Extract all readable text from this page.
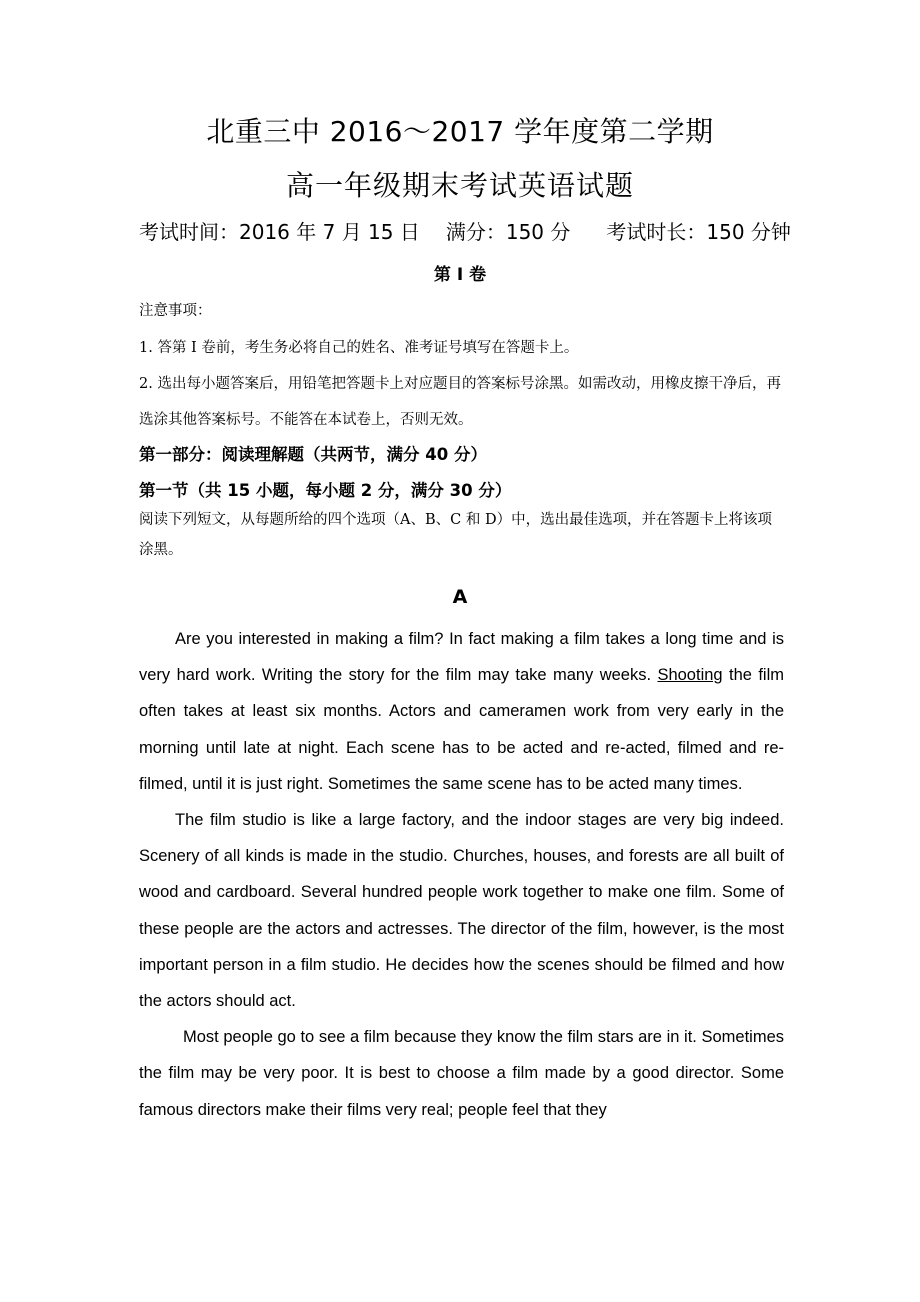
北重三中 2016～2017 学年度第二学期
高一年级期末考试英语试题
考试时间：2016 年 7 月 15 日 满分：150 分 考试时长：150 分钟
第 I 卷
注意事项：
1. 答第 I 卷前，考生务必将自己的姓名、准考证号填写在答题卡上。
2. 选出每小题答案后，用铅笔把答题卡上对应题目的答案标号涂黑。如需改动，用橡皮擦干净后，再选涂其他答案标号。不能答在本试卷上，否则无效。
第一部分：阅读理解题（共两节，满分 40 分）
第一节（共 15 小题，每小题 2 分，满分 30 分）
阅读下列短文，从每题所给的四个选项（A、B、C 和 D）中，选出最佳选项，并在答题卡上将该项涂黑。
A

Are you interested in making a film? In fact making a film takes a long time and is very hard work. Writing the story for the film may take many weeks. Shooting the film often takes at least six months. Actors and cameramen work from very early in the morning until late at night. Each scene has to be acted and re-acted, filmed and re-filmed, until it is just right. Sometimes the same scene has to be acted many times.

The film studio is like a large factory, and the indoor stages are very big indeed. Scenery of all kinds is made in the studio. Churches, houses, and forests are all built of wood and cardboard. Several hundred people work together to make one film. Some of these people are the actors and actresses. The director of the film, however, is the most important person in a film studio. He decides how the scenes should be filmed and how the actors should act.

Most people go to see a film because they know the film stars are in it. Sometimes the film may be very poor. It is best to choose a film made by a good director. Some famous directors make their films very real; people feel that they
